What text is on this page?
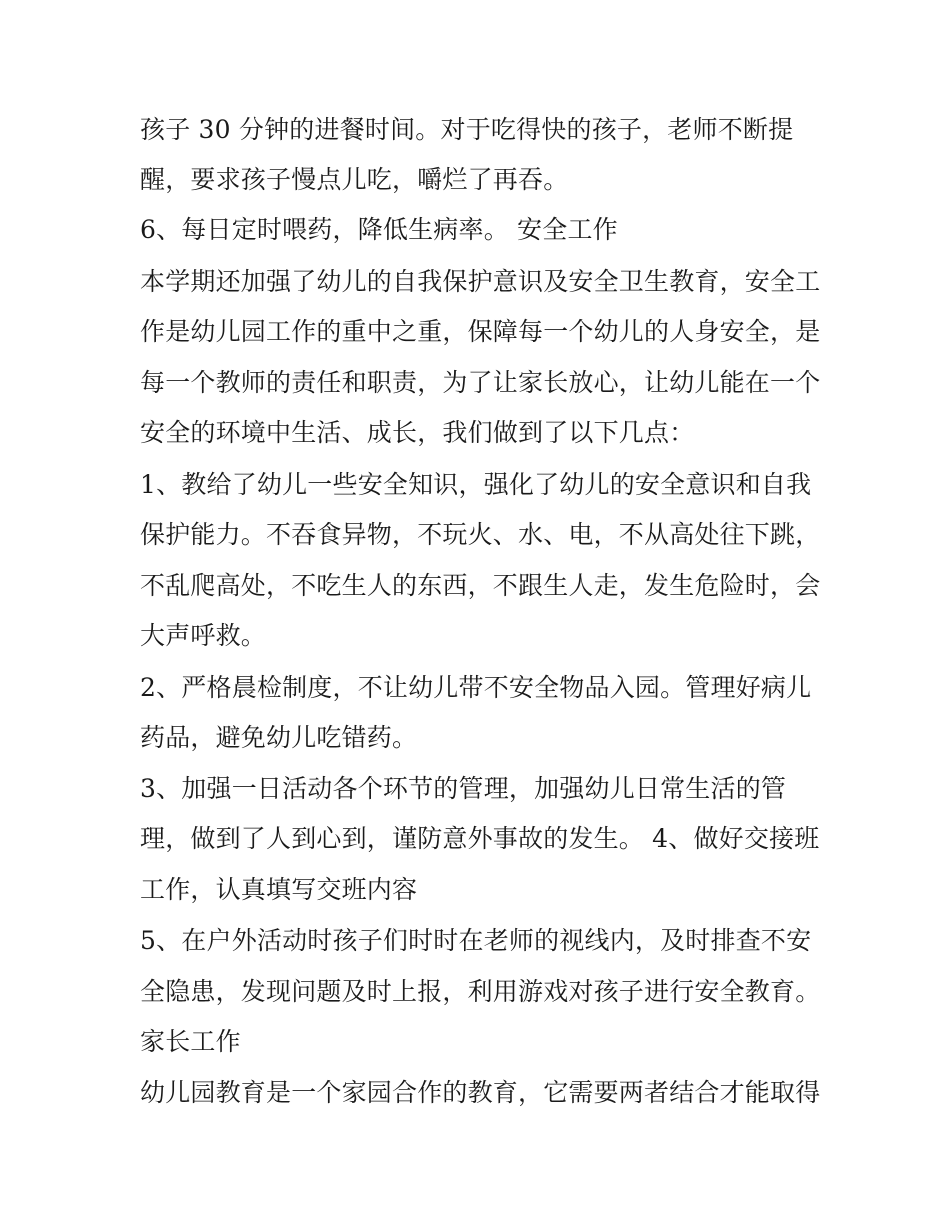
孩子 30 分钟的进餐时间。对于吃得快的孩子，老师不断提
醒，要求孩子慢点儿吃，嚼烂了再吞。
6、每日定时喂药，降低生病率。 安全工作
本学期还加强了幼儿的自我保护意识及安全卫生教育，安全工
作是幼儿园工作的重中之重，保障每一个幼儿的人身安全，是
每一个教师的责任和职责，为了让家长放心，让幼儿能在一个
安全的环境中生活、成长，我们做到了以下几点：
1、教给了幼儿一些安全知识，强化了幼儿的安全意识和自我
保护能力。不吞食异物，不玩火、水、电，不从高处往下跳，
不乱爬高处，不吃生人的东西，不跟生人走，发生危险时，会
大声呼救。
2、严格晨检制度，不让幼儿带不安全物品入园。管理好病儿
药品，避免幼儿吃错药。
3、加强一日活动各个环节的管理，加强幼儿日常生活的管
理，做到了人到心到，谨防意外事故的发生。 4、做好交接班
工作，认真填写交班内容
5、在户外活动时孩子们时时在老师的视线内，及时排查不安
全隐患，发现问题及时上报，利用游戏对孩子进行安全教育。
家长工作
幼儿园教育是一个家园合作的教育，它需要两者结合才能取得
